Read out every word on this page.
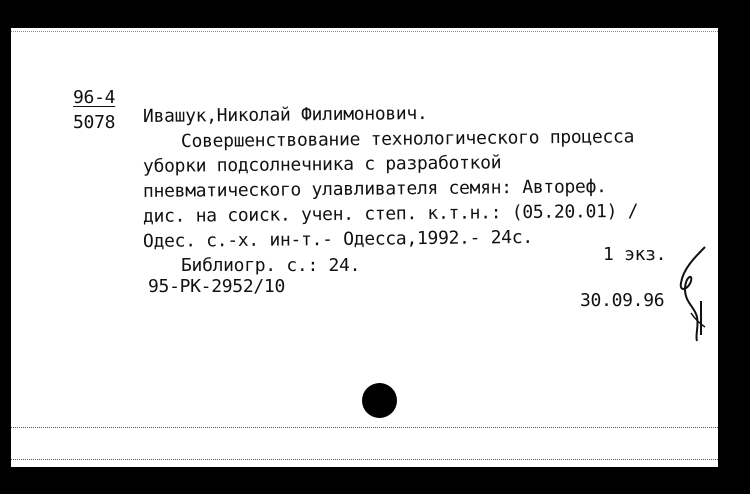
96-4
5078 Ивашук,Николай Филимонович.
Совершенствование технологического процесса
уборки подсолнечника с разработкой
пневматического улавливателя семян: Автореф.
дис. на соиск. учен. степ. к.т.н.: (05.20.01) /
Одес. с.-х. ин-т.- Одесса,1992.- 24с.
1 экз.
Библиогр. с.: 24.
95-РК-2952/10
30.09.96
